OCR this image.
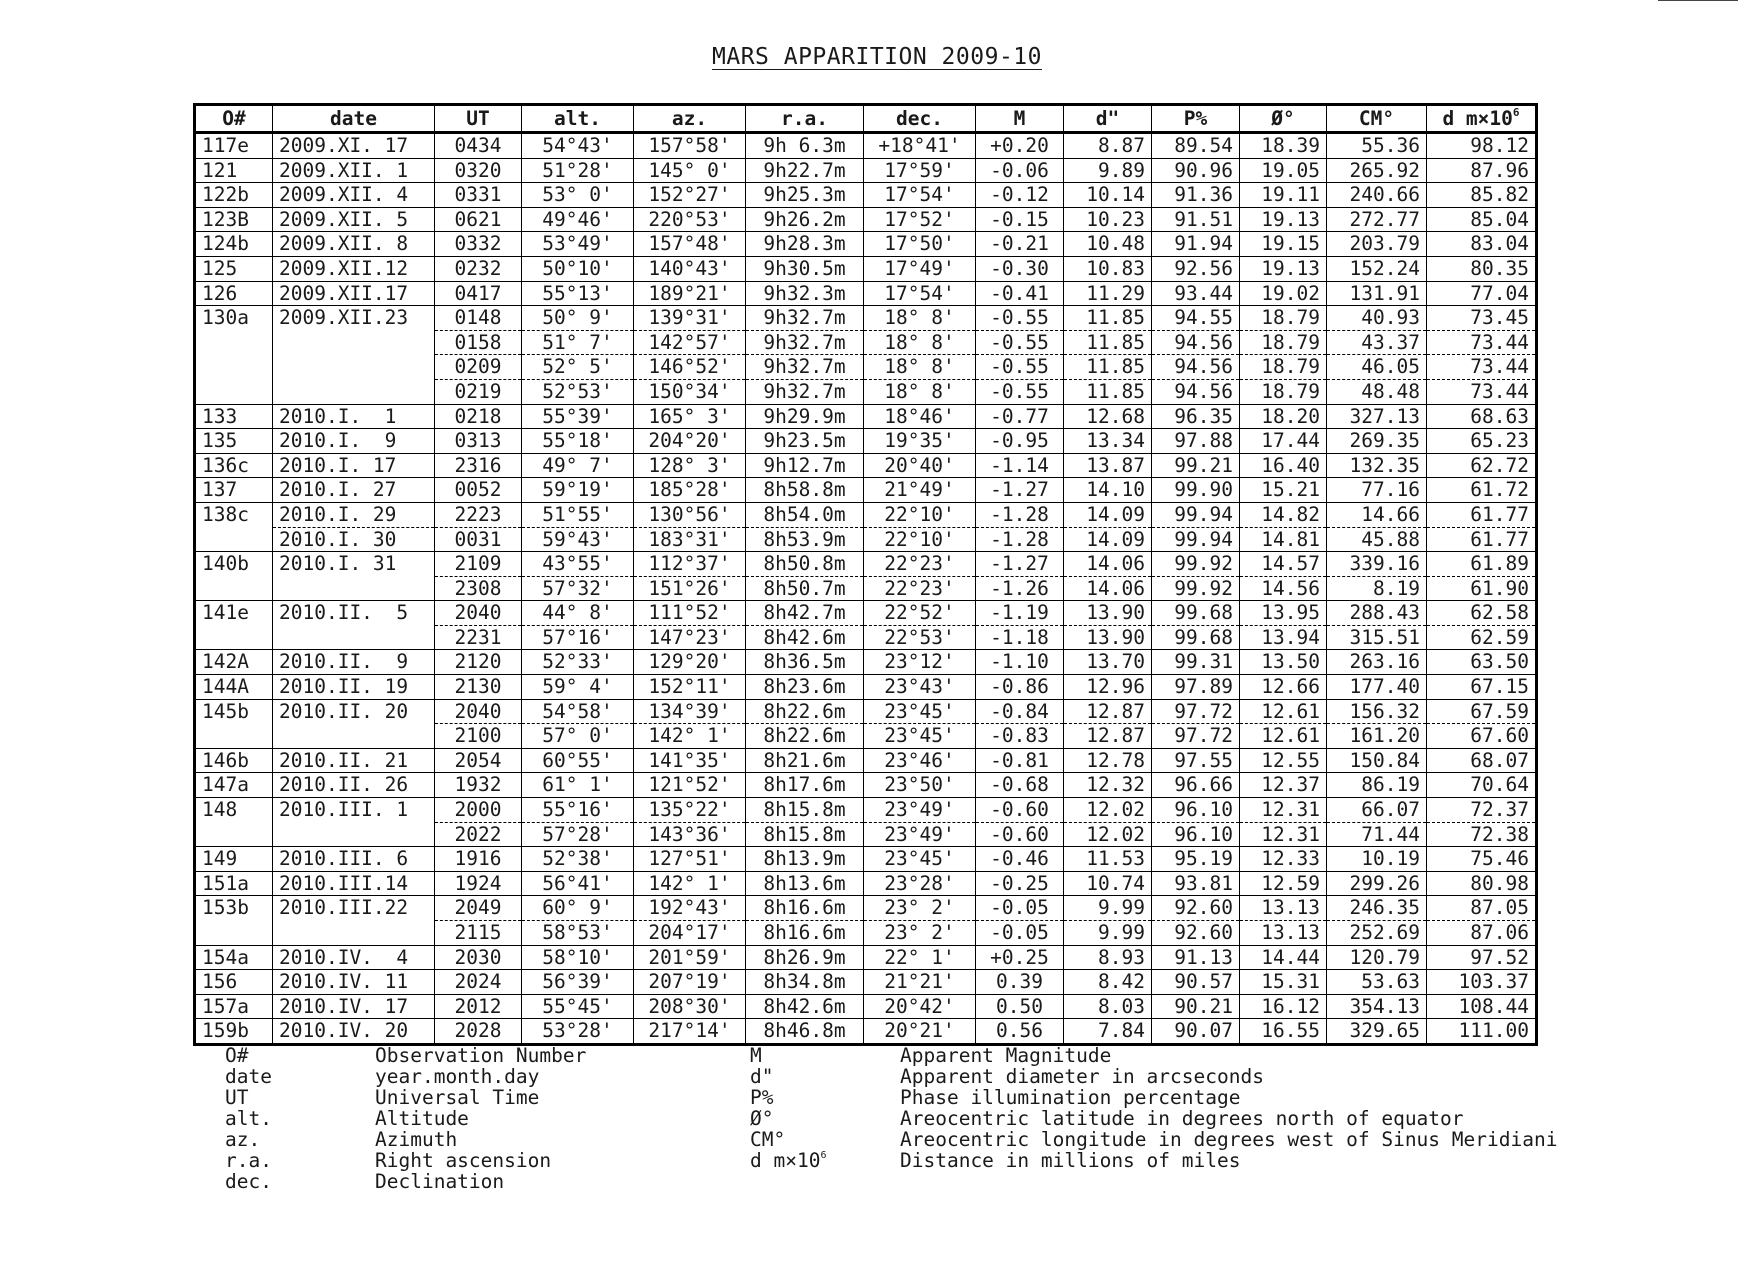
MARS APPARITION 2009-10
O#	date	UT	alt.	az.	r.a.	dec.	M	d"	P%	Ø°	CM°	d $m\times 10^6$
117e	2009.XI. 17	0434	54°43'	157°58'	9h 6.3m	+18°41'	+0.20	8.87	89.54	18.39	55.36	98.12
121	2009.XII. 1	0320	51°28'	145° 0'	9h22.7m	17°59'	-0.06	9.89	90.96	19.05	265.92	87.96
122b	2009.XII. 4	0331	53° 0'	152°27'	9h25.3m	17°54'	-0.12	10.14	91.36	19.11	240.66	85.82
123B	2009.XII. 5	0621	49°46'	220°53'	9h26.2m	17°52'	-0.15	10.23	91.51	19.13	272.77	85.04
124b	2009.XII. 8	0332	53°49'	157°48'	9h28.3m	17°50'	-0.21	10.48	91.94	19.15	203.79	83.04
125	2009.XII.12	0232	50°10'	140°43'	9h30.5m	17°49'	-0.30	10.83	92.56	19.13	152.24	80.35
126	2009.XII.17	0417	55°13'	189°21'	9h32.3m	17°54'	-0.41	11.29	93.44	19.02	131.91	77.04
130a	2009.XII.23	0148	50° 9'	139°31'	9h32.7m	18° 8'	-0.55	11.85	94.55	18.79	40.93	73.45
		0158	51° 7'	142°57'	9h32.7m	18° 8'	-0.55	11.85	94.56	18.79	43.37	73.44
		0209	52° 5'	146°52'	9h32.7m	18° 8'	-0.55	11.85	94.56	18.79	46.05	73.44
		0219	52°53'	150°34'	9h32.7m	18° 8'	-0.55	11.85	94.56	18.79	48.48	73.44
133	2010.I.  1	0218	55°39'	165° 3'	9h29.9m	18°46'	-0.77	12.68	96.35	18.20	327.13	68.63
135	2010.I.  9	0313	55°18'	204°20'	9h23.5m	19°35'	-0.95	13.34	97.88	17.44	269.35	65.23
136c	2010.I. 17	2316	49° 7'	128° 3'	9h12.7m	20°40'	-1.14	13.87	99.21	16.40	132.35	62.72
137	2010.I. 27	0052	59°19'	185°28'	8h58.8m	21°49'	-1.27	14.10	99.90	15.21	77.16	61.72
138c	2010.I. 29	2223	51°55'	130°56'	8h54.0m	22°10'	-1.28	14.09	99.94	14.82	14.66	61.77
	2010.I. 30	0031	59°43'	183°31'	8h53.9m	22°10'	-1.28	14.09	99.94	14.81	45.88	61.77
140b	2010.I. 31	2109	43°55'	112°37'	8h50.8m	22°23'	-1.27	14.06	99.92	14.57	339.16	61.89
		2308	57°32'	151°26'	8h50.7m	22°23'	-1.26	14.06	99.92	14.56	8.19	61.90
141e	2010.II.  5	2040	44° 8'	111°52'	8h42.7m	22°52'	-1.19	13.90	99.68	13.95	288.43	62.58
		2231	57°16'	147°23'	8h42.6m	22°53'	-1.18	13.90	99.68	13.94	315.51	62.59
142A	2010.II.  9	2120	52°33'	129°20'	8h36.5m	23°12'	-1.10	13.70	99.31	13.50	263.16	63.50
144A	2010.II. 19	2130	59° 4'	152°11'	8h23.6m	23°43'	-0.86	12.96	97.89	12.66	177.40	67.15
145b	2010.II. 20	2040	54°58'	134°39'	8h22.6m	23°45'	-0.84	12.87	97.72	12.61	156.32	67.59
		2100	57° 0'	142° 1'	8h22.6m	23°45'	-0.83	12.87	97.72	12.61	161.20	67.60
146b	2010.II. 21	2054	60°55'	141°35'	8h21.6m	23°46'	-0.81	12.78	97.55	12.55	150.84	68.07
147a	2010.II. 26	1932	61° 1'	121°52'	8h17.6m	23°50'	-0.68	12.32	96.66	12.37	86.19	70.64
148	2010.III. 1	2000	55°16'	135°22'	8h15.8m	23°49'	-0.60	12.02	96.10	12.31	66.07	72.37
		2022	57°28'	143°36'	8h15.8m	23°49'	-0.60	12.02	96.10	12.31	71.44	72.38
149	2010.III. 6	1916	52°38'	127°51'	8h13.9m	23°45'	-0.46	11.53	95.19	12.33	10.19	75.46
151a	2010.III.14	1924	56°41'	142° 1'	8h13.6m	23°28'	-0.25	10.74	93.81	12.59	299.26	80.98
153b	2010.III.22	2049	60° 9'	192°43'	8h16.6m	23° 2'	-0.05	9.99	92.60	13.13	246.35	87.05
		2115	58°53'	204°17'	8h16.6m	23° 2'	-0.05	9.99	92.60	13.13	252.69	87.06
154a	2010.IV.  4	2030	58°10'	201°59'	8h26.9m	22° 1'	+0.25	8.93	91.13	14.44	120.79	97.52
156	2010.IV. 11	2024	56°39'	207°19'	8h34.8m	21°21'	0.39	8.42	90.57	15.31	53.63	103.37
157a	2010.IV. 17	2012	55°45'	208°30'	8h42.6m	20°42'	0.50	8.03	90.21	16.12	354.13	108.44
159b	2010.IV. 20	2028	53°28'	217°14'	8h46.8m	20°21'	0.56	7.84	90.07	16.55	329.65	111.00
O#	Observation Number
date	year.month.day
UT	Universal Time
alt.	Altitude
az.	Azimuth
r.a.	Right ascension
dec.	Declination
M	Apparent Magnitude
d"	Apparent diameter in arcseconds
P%	Phase illumination percentage
Ø°	Areocentric latitude in degrees north of equator
CM°	Areocentric longitude in degrees west of Sinus Meridiani
d $m\times 10^6$	Distance in millions of miles
